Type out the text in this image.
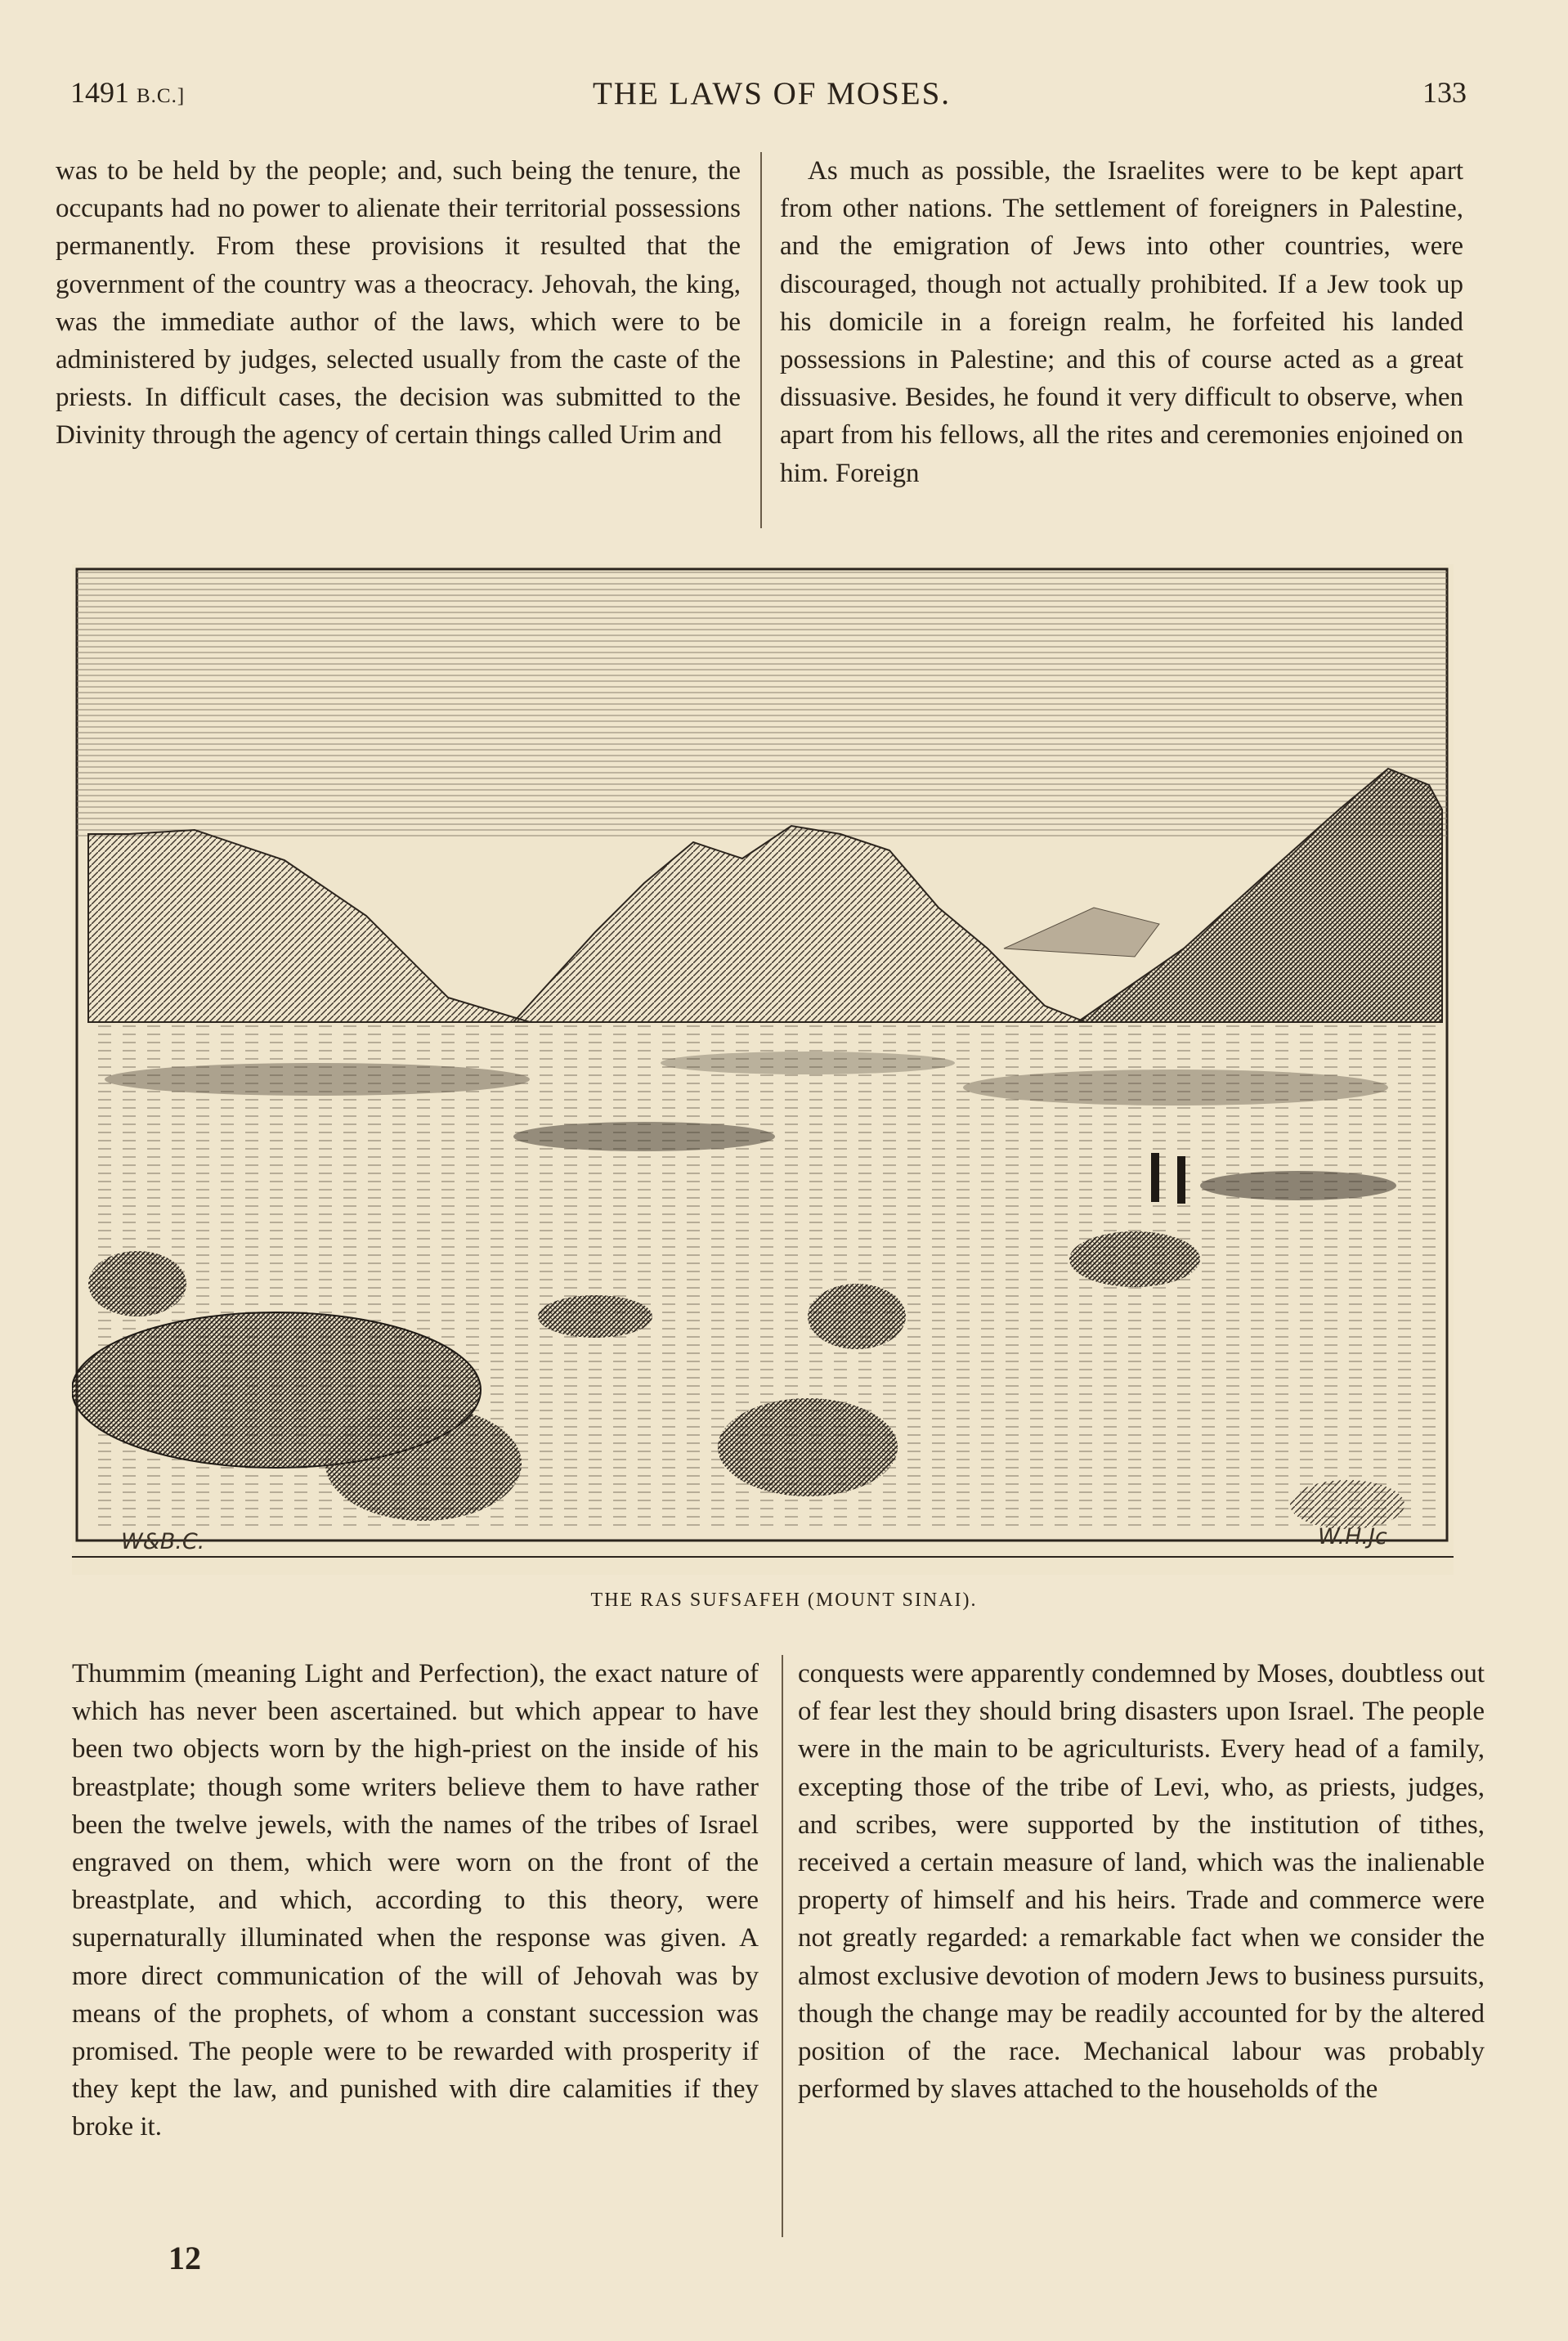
1491 B.C.]	THE LAWS OF MOSES.	133

was to be held by the people; and, such being the tenure, the occupants had no power to alienate their territorial possessions permanently. From these provisions it resulted that the government of the country was a theocracy. Jehovah, the king, was the immediate author of the laws, which were to be administered by judges, selected usually from the caste of the priests. In difficult cases, the decision was submitted to the Divinity through the agency of certain things called Urim and

As much as possible, the Israelites were to be kept apart from other nations. The settlement of foreigners in Palestine, and the emigration of Jews into other countries, were discouraged, though not actually prohibited. If a Jew took up his domicile in a foreign realm, he forfeited his landed possessions in Palestine; and this of course acted as a great dissuasive. Besides, he found it very difficult to observe, when apart from his fellows, all the rites and ceremonies enjoined on him. Foreign

W&B.C.	W.H.Jc
THE RAS SUFSAFEH (MOUNT SINAI).

Thummim (meaning Light and Perfection), the exact nature of which has never been ascertained. but which appear to have been two objects worn by the high-priest on the inside of his breastplate; though some writers believe them to have rather been the twelve jewels, with the names of the tribes of Israel engraved on them, which were worn on the front of the breastplate, and which, according to this theory, were supernaturally illuminated when the response was given. A more direct communication of the will of Jehovah was by means of the prophets, of whom a constant succession was promised. The people were to be rewarded with prosperity if they kept the law, and punished with dire calamities if they broke it.

conquests were apparently condemned by Moses, doubtless out of fear lest they should bring disasters upon Israel. The people were in the main to be agriculturists. Every head of a family, excepting those of the tribe of Levi, who, as priests, judges, and scribes, were supported by the institution of tithes, received a certain measure of land, which was the inalienable property of himself and his heirs. Trade and commerce were not greatly regarded: a remarkable fact when we consider the almost exclusive devotion of modern Jews to business pursuits, though the change may be readily accounted for by the altered position of the race. Mechanical labour was probably performed by slaves attached to the households of the

12
